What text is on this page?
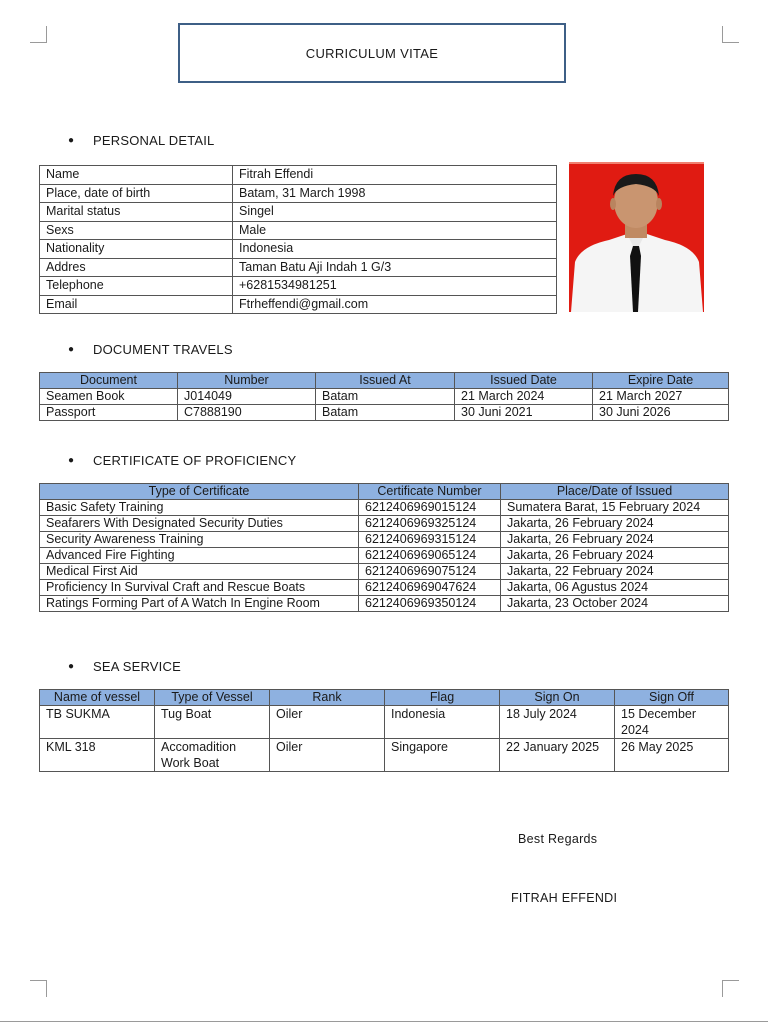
CURRICULUM VITAE
●	PERSONAL DETAIL
Name	Fitrah Effendi
Place, date of birth	Batam, 31 March 1998
Marital status	Singel
Sexs	Male
Nationality	Indonesia
Addres	Taman Batu Aji Indah 1 G/3
Telephone	+6281534981251
Email	Ftrheffendi@gmail.com
●	DOCUMENT TRAVELS
Document	Number	Issued At	Issued Date	Expire Date
Seamen Book	J014049	Batam	21 March 2024	21 March 2027
Passport	C7888190	Batam	30 Juni 2021	30 Juni 2026
●	CERTIFICATE OF PROFICIENCY
Type of Certificate	Certificate Number	Place/Date of Issued
Basic Safety Training	6212406969015124	Sumatera Barat, 15 February 2024
Seafarers With Designated Security Duties	6212406969325124	Jakarta, 26 February 2024
Security Awareness Training	6212406969315124	Jakarta, 26 February 2024
Advanced Fire Fighting	6212406969065124	Jakarta, 26 February 2024
Medical First Aid	6212406969075124	Jakarta, 22 February 2024
Proficiency In Survival Craft and Rescue Boats	6212406969047624	Jakarta, 06 Agustus 2024
Ratings Forming Part of A Watch In Engine Room	6212406969350124	Jakarta, 23 October 2024
●	SEA SERVICE
Name of vessel	Type of Vessel	Rank	Flag	Sign On	Sign Off
TB SUKMA	Tug Boat	Oiler	Indonesia	18 July 2024	15 December 2024
KML 318	Accomadition Work Boat	Oiler	Singapore	22 January 2025	26 May 2025
Best Regards
FITRAH EFFENDI
